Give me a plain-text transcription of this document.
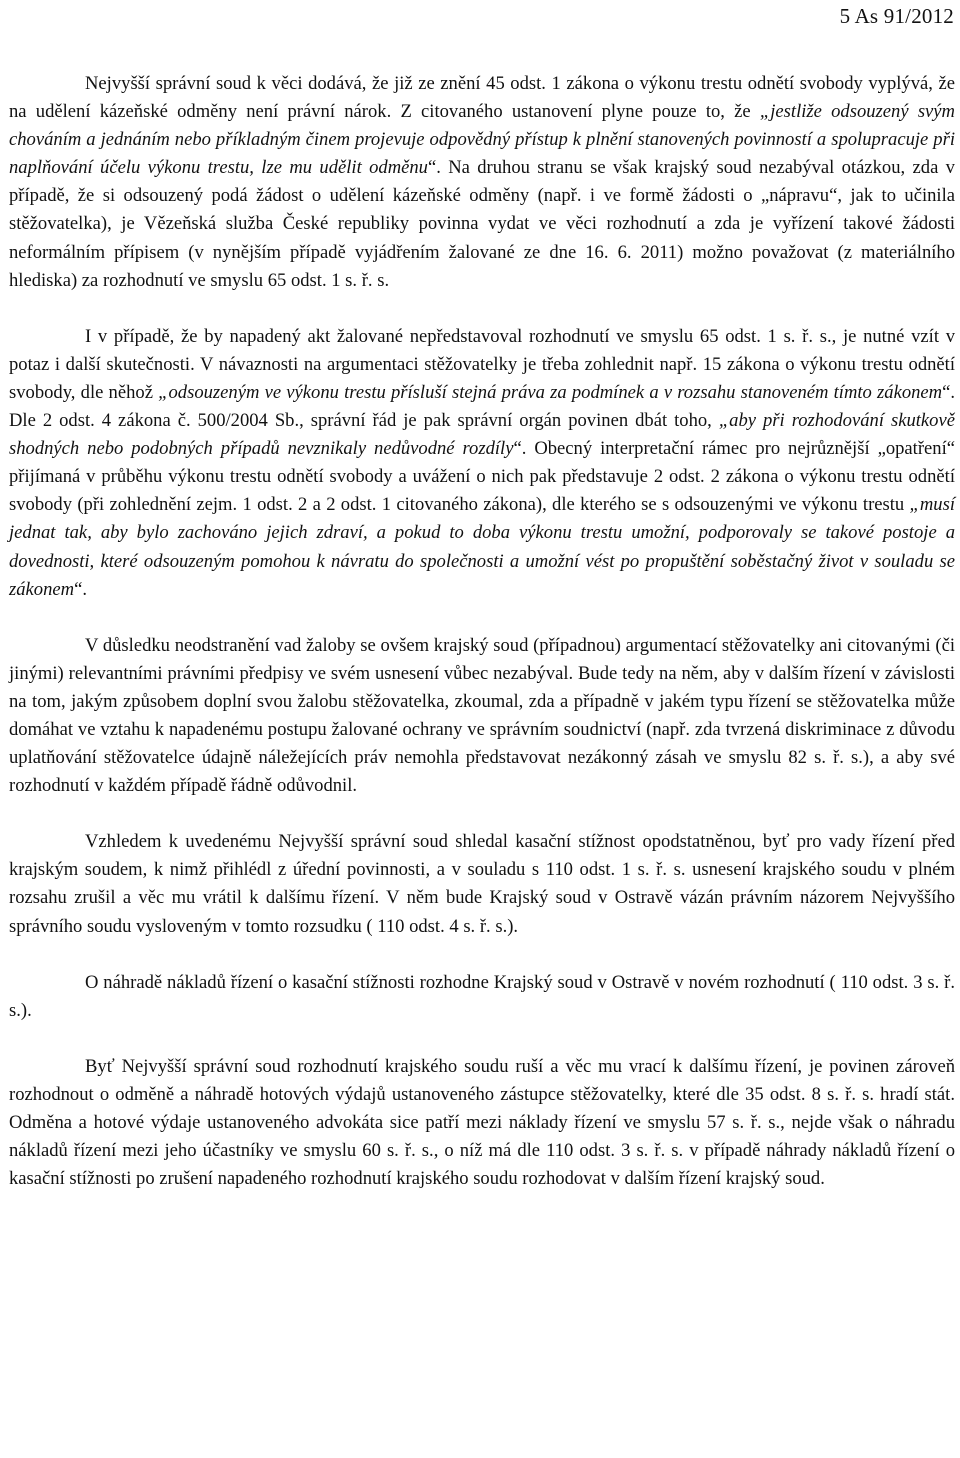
5 As 91/2012

Nejvyšší správní soud k věci dodává, že již ze znění 45 odst. 1 zákona o výkonu trestu odnětí svobody vyplývá, že na udělení kázeňské odměny není právní nárok. Z citovaného ustanovení plyne pouze to, že „jestliže odsouzený svým chováním a jednáním nebo příkladným činem projevuje odpovědný přístup k plnění stanovených povinností a spolupracuje při naplňování účelu výkonu trestu, lze mu udělit odměnu“. Na druhou stranu se však krajský soud nezabýval otázkou, zda v případě, že si odsouzený podá žádost o udělení kázeňské odměny (např. i ve formě žádosti o „nápravu“, jak to učinila stěžovatelka), je Vězeňská služba České republiky povinna vydat ve věci rozhodnutí a zda je vyřízení takové žádosti neformálním přípisem (v nynějším případě vyjádřením žalované ze dne 16. 6. 2011) možno považovat (z materiálního hlediska) za rozhodnutí ve smyslu 65 odst. 1 s. ř. s.

I v případě, že by napadený akt žalované nepředstavoval rozhodnutí ve smyslu 65 odst. 1 s. ř. s., je nutné vzít v potaz i další skutečnosti. V návaznosti na argumentaci stěžovatelky je třeba zohlednit např. 15 zákona o výkonu trestu odnětí svobody, dle něhož „odsouzeným ve výkonu trestu přísluší stejná práva za podmínek a v rozsahu stanoveném tímto zákonem“. Dle 2 odst. 4 zákona č. 500/2004 Sb., správní řád je pak správní orgán povinen dbát toho, „aby při rozhodování skutkově shodných nebo podobných případů nevznikaly nedůvodné rozdíly“. Obecný interpretační rámec pro nejrůznější „opatření“ přijímaná v průběhu výkonu trestu odnětí svobody a uvážení o nich pak představuje 2 odst. 2 zákona o výkonu trestu odnětí svobody (při zohlednění zejm. 1 odst. 2 a 2 odst. 1 citovaného zákona), dle kterého se s odsouzenými ve výkonu trestu „musí jednat tak, aby bylo zachováno jejich zdraví, a pokud to doba výkonu trestu umožní, podporovaly se takové postoje a dovednosti, které odsouzeným pomohou k návratu do společnosti a umožní vést po propuštění soběstačný život v souladu se zákonem“.

V důsledku neodstranění vad žaloby se ovšem krajský soud (případnou) argumentací stěžovatelky ani citovanými (či jinými) relevantními právními předpisy ve svém usnesení vůbec nezabýval. Bude tedy na něm, aby v dalším řízení v závislosti na tom, jakým způsobem doplní svou žalobu stěžovatelka, zkoumal, zda a případně v jakém typu řízení se stěžovatelka může domáhat ve vztahu k napadenému postupu žalované ochrany ve správním soudnictví (např. zda tvrzená diskriminace z důvodu uplatňování stěžovatelce údajně náležejících práv nemohla představovat nezákonný zásah ve smyslu 82 s. ř. s.), a aby své rozhodnutí v každém případě řádně odůvodnil.

Vzhledem k uvedenému Nejvyšší správní soud shledal kasační stížnost opodstatněnou, byť pro vady řízení před krajským soudem, k nimž přihlédl z úřední povinnosti, a v souladu s 110 odst. 1 s. ř. s. usnesení krajského soudu v plném rozsahu zrušil a věc mu vrátil k dalšímu řízení. V něm bude Krajský soud v Ostravě vázán právním názorem Nejvyššího správního soudu vysloveným v tomto rozsudku ( 110 odst. 4 s. ř. s.).

O náhradě nákladů řízení o kasační stížnosti rozhodne Krajský soud v Ostravě v novém rozhodnutí ( 110 odst. 3 s. ř. s.).

Byť Nejvyšší správní soud rozhodnutí krajského soudu ruší a věc mu vrací k dalšímu řízení, je povinen zároveň rozhodnout o odměně a náhradě hotových výdajů ustanoveného zástupce stěžovatelky, které dle 35 odst. 8 s. ř. s. hradí stát. Odměna a hotové výdaje ustanoveného advokáta sice patří mezi náklady řízení ve smyslu 57 s. ř. s., nejde však o náhradu nákladů řízení mezi jeho účastníky ve smyslu 60 s. ř. s., o níž má dle 110 odst. 3 s. ř. s. v případě náhrady nákladů řízení o kasační stížnosti po zrušení napadeného rozhodnutí krajského soudu rozhodovat v dalším řízení krajský soud.
